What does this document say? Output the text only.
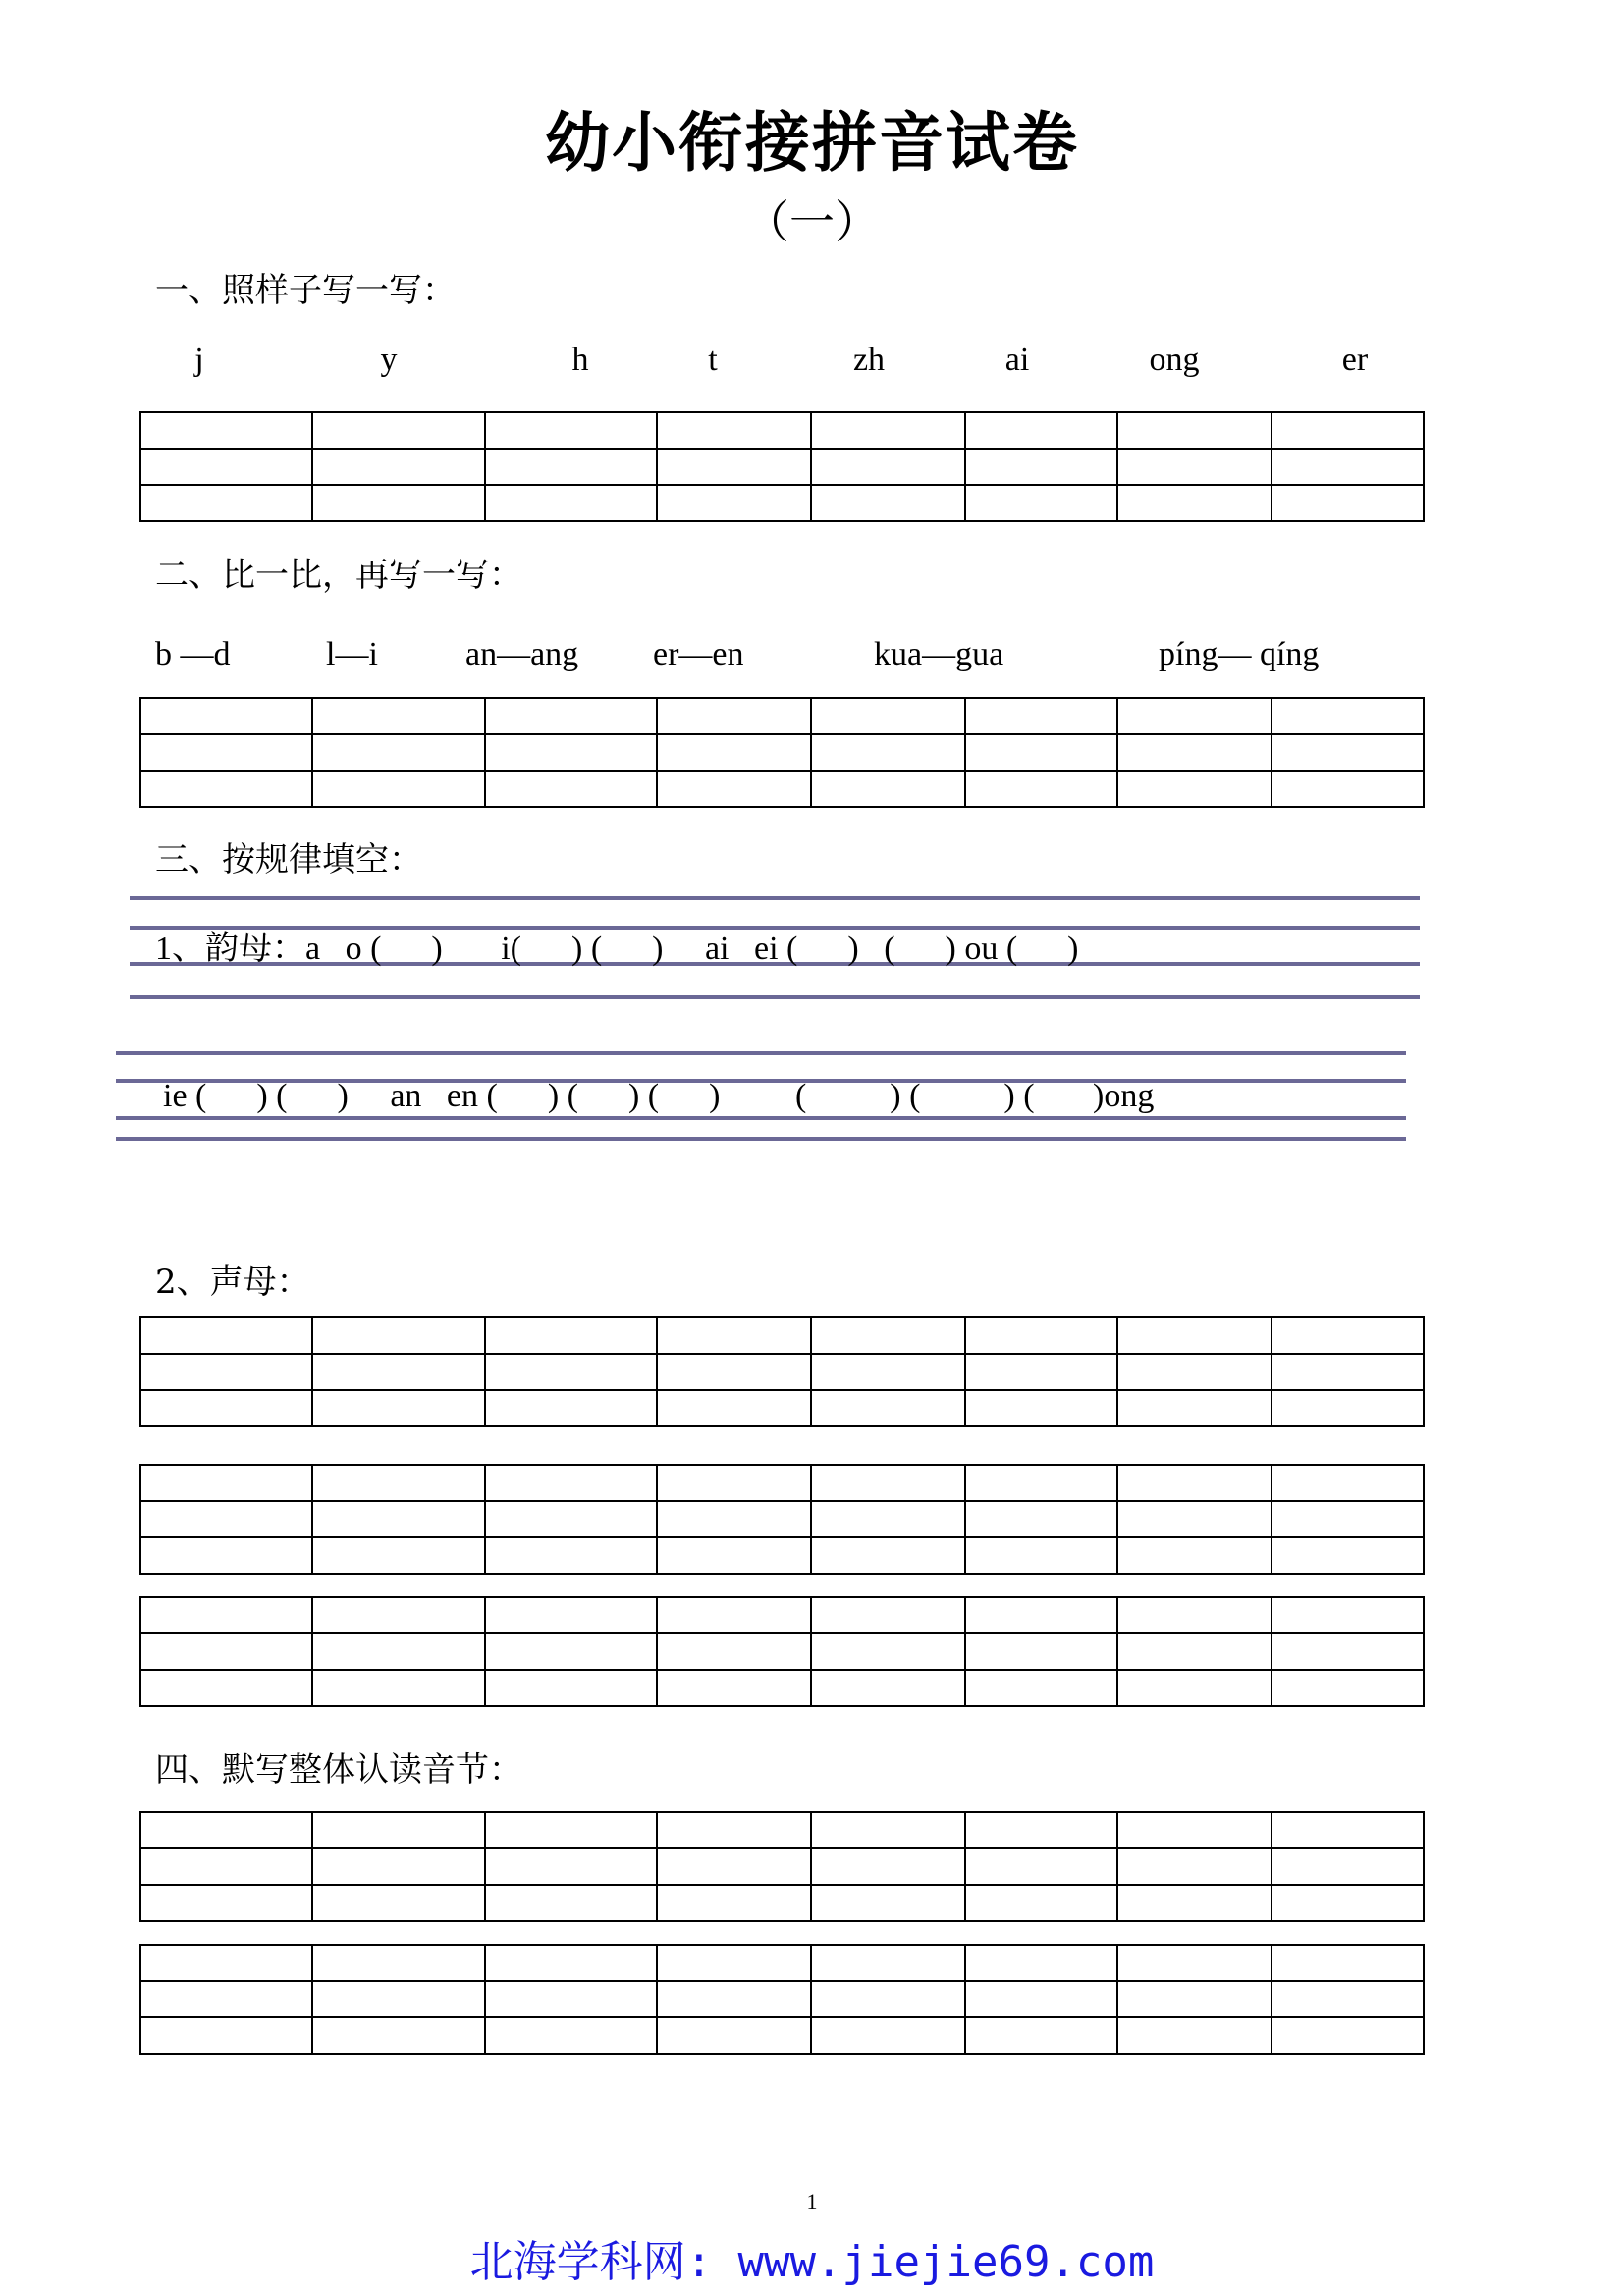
幼小衔接拼音试卷
（一）
一、照样子写一写：
j	y	h	t	zh	ai	ong	er

二、比一比，再写一写：
b —d	l—i	an—ang er—en	kua—gua	píng— qíng

三、按规律填空：
1、韵母：a   o (      )       i(      ) (      )     ai   ei (      )   (      ) ou (      )
ie (      ) (      )     an   en (      ) (      ) (      )         (          ) (          ) (       )ong
2、声母：

四、默写整体认读音节：

1
北海学科网: www.jiejie69.com
